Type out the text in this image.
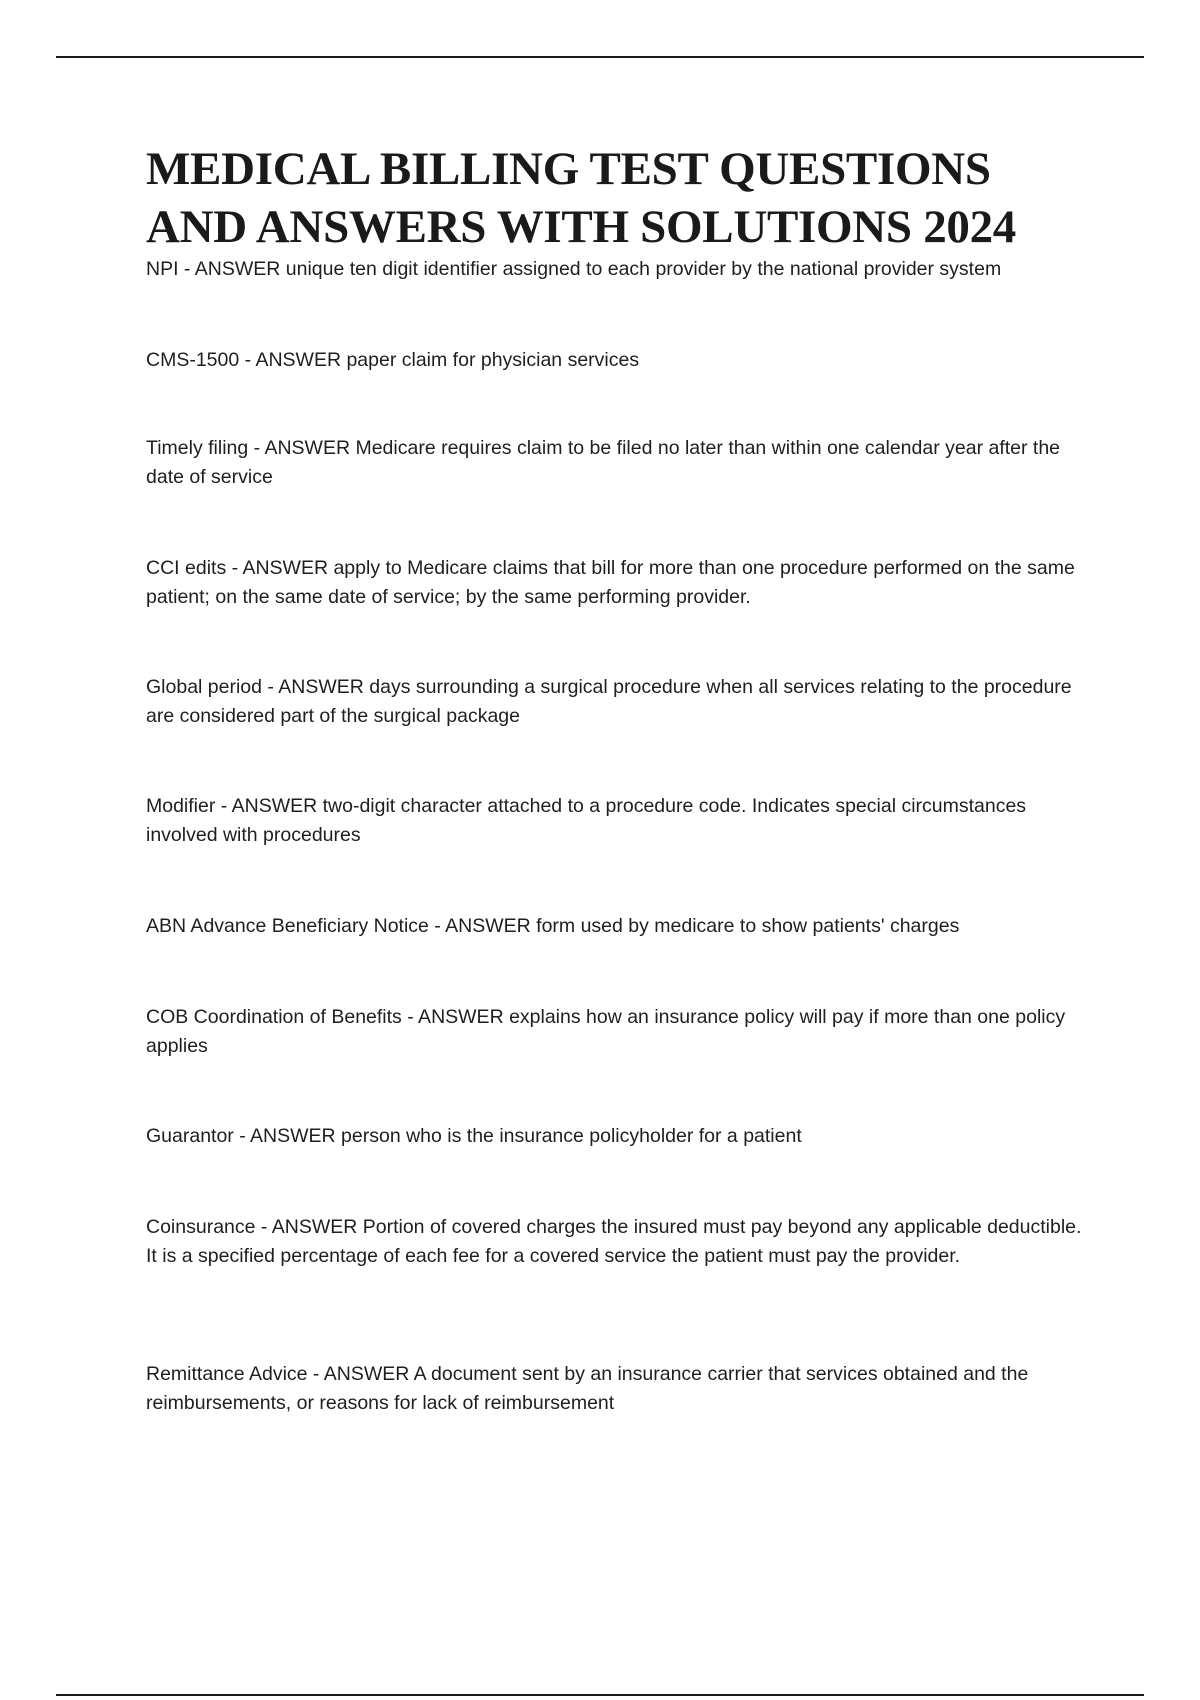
MEDICAL BILLING TEST QUESTIONS
AND ANSWERS WITH SOLUTIONS 2024

NPI - ANSWER unique ten digit identifier assigned to each provider by the national provider system

CMS-1500 - ANSWER paper claim for physician services

Timely filing - ANSWER Medicare requires claim to be filed no later than within one calendar year after the date of service

CCI edits - ANSWER apply to Medicare claims that bill for more than one procedure performed on the same patient; on the same date of service; by the same performing provider.

Global period - ANSWER days surrounding a surgical procedure when all services relating to the procedure are considered part of the surgical package

Modifier - ANSWER two-digit character attached to a procedure code. Indicates special circumstances involved with procedures

ABN Advance Beneficiary Notice - ANSWER form used by medicare to show patients' charges

COB Coordination of Benefits - ANSWER explains how an insurance policy will pay if more than one policy applies

Guarantor - ANSWER person who is the insurance policyholder for a patient

Coinsurance - ANSWER Portion of covered charges the insured must pay beyond any applicable deductible. It is a specified percentage of each fee for a covered service the patient must pay the provider.

Remittance Advice - ANSWER A document sent by an insurance carrier that services obtained and the reimbursements, or reasons for lack of reimbursement
